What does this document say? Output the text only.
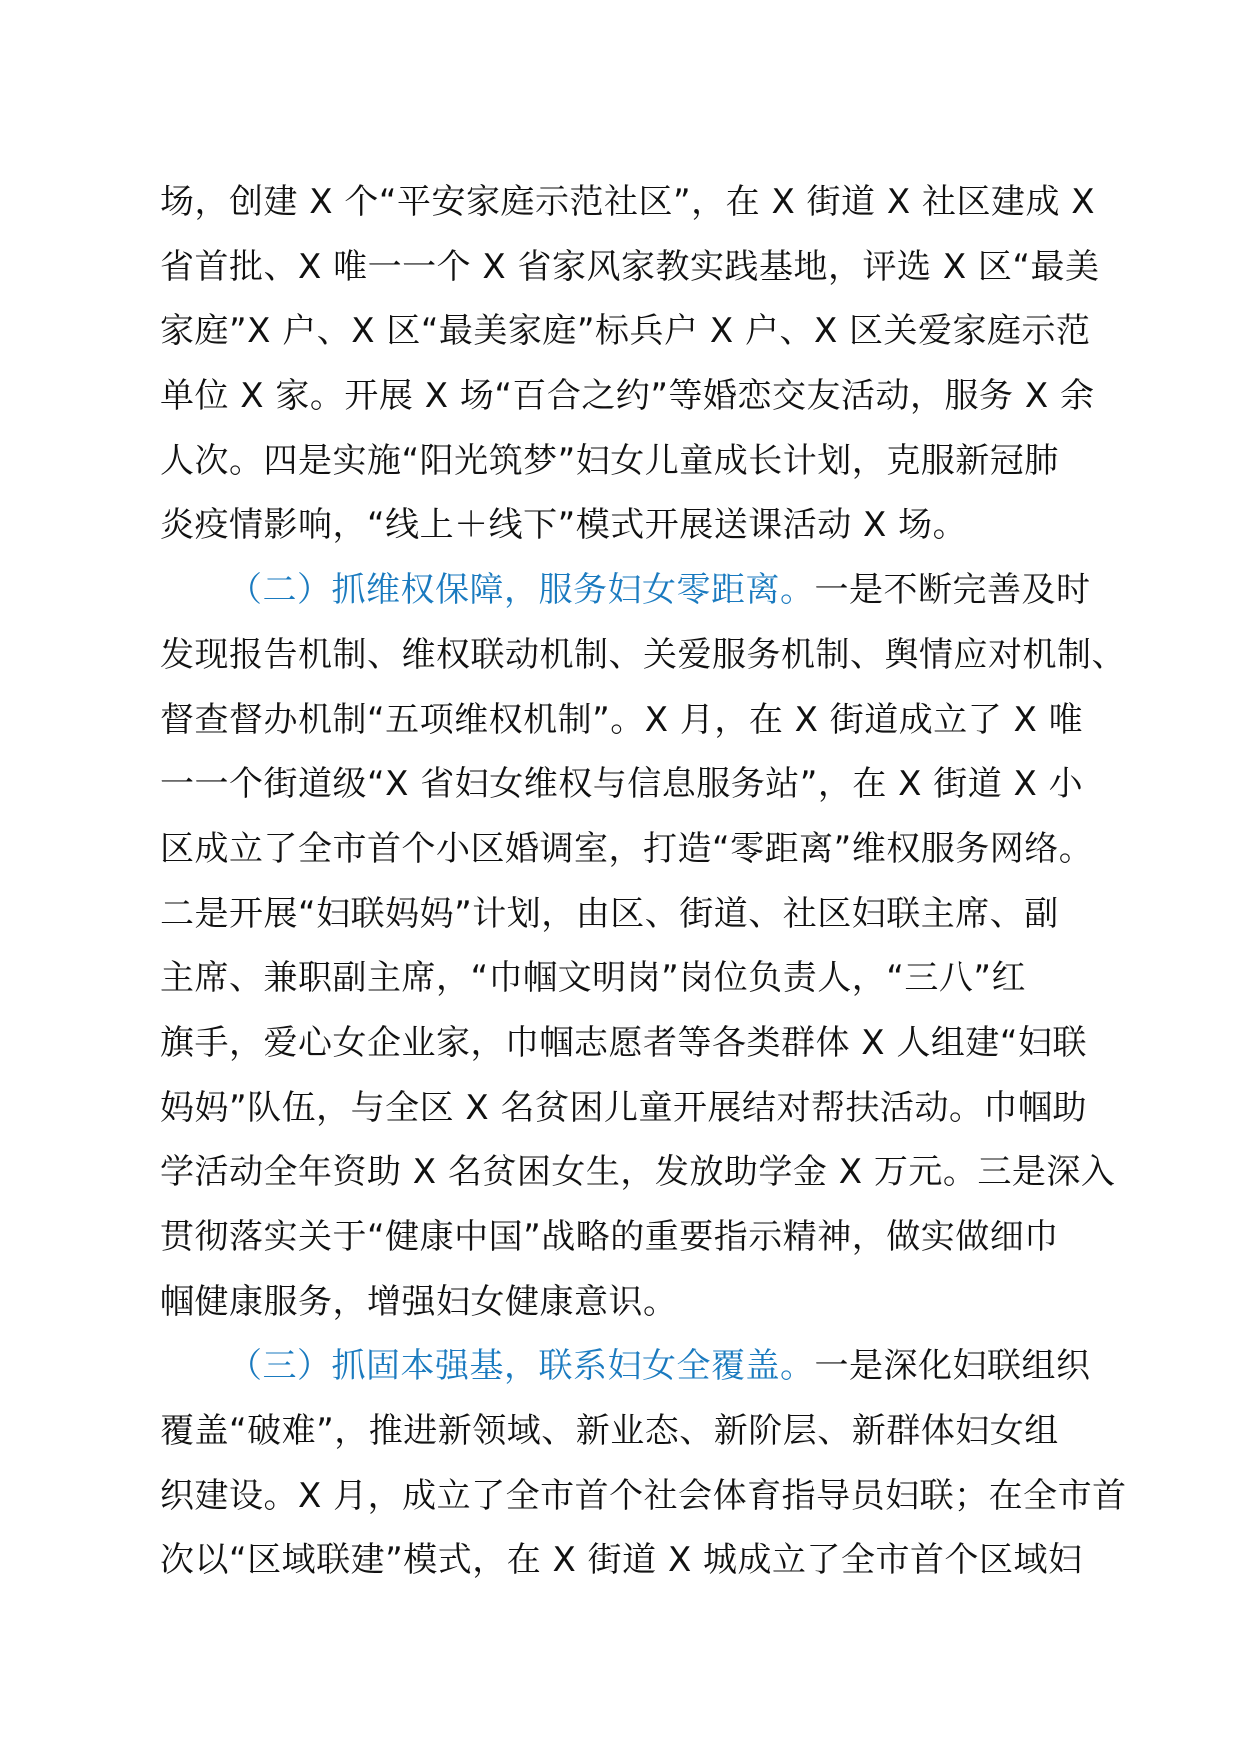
场，创建 X 个“平安家庭示范社区”，在 X 街道 X 社区建成 X
省首批、X 唯一一个 X 省家风家教实践基地，评选 X 区“最美
家庭”X 户、X 区“最美家庭”标兵户 X 户、X 区关爱家庭示范
单位 X 家。开展 X 场“百合之约”等婚恋交友活动，服务 X 余
人次。四是实施“阳光筑梦”妇女儿童成长计划，克服新冠肺
炎疫情影响，“线上＋线下”模式开展送课活动 X 场。
（二）抓维权保障，服务妇女零距离。一是不断完善及时
发现报告机制、维权联动机制、关爱服务机制、舆情应对机制、
督查督办机制“五项维权机制”。X 月，在 X 街道成立了 X 唯
一一个街道级“X 省妇女维权与信息服务站”，在 X 街道 X 小
区成立了全市首个小区婚调室，打造“零距离”维权服务网络。
二是开展“妇联妈妈”计划，由区、街道、社区妇联主席、副
主席、兼职副主席，“巾帼文明岗”岗位负责人，“三八”红
旗手，爱心女企业家，巾帼志愿者等各类群体 X 人组建“妇联
妈妈”队伍，与全区 X 名贫困儿童开展结对帮扶活动。巾帼助
学活动全年资助 X 名贫困女生，发放助学金 X 万元。三是深入
贯彻落实关于“健康中国”战略的重要指示精神，做实做细巾
帼健康服务，增强妇女健康意识。
（三）抓固本强基，联系妇女全覆盖。一是深化妇联组织
覆盖“破难”，推进新领域、新业态、新阶层、新群体妇女组
织建设。X 月，成立了全市首个社会体育指导员妇联；在全市首
次以“区域联建”模式，在 X 街道 X 城成立了全市首个区域妇
